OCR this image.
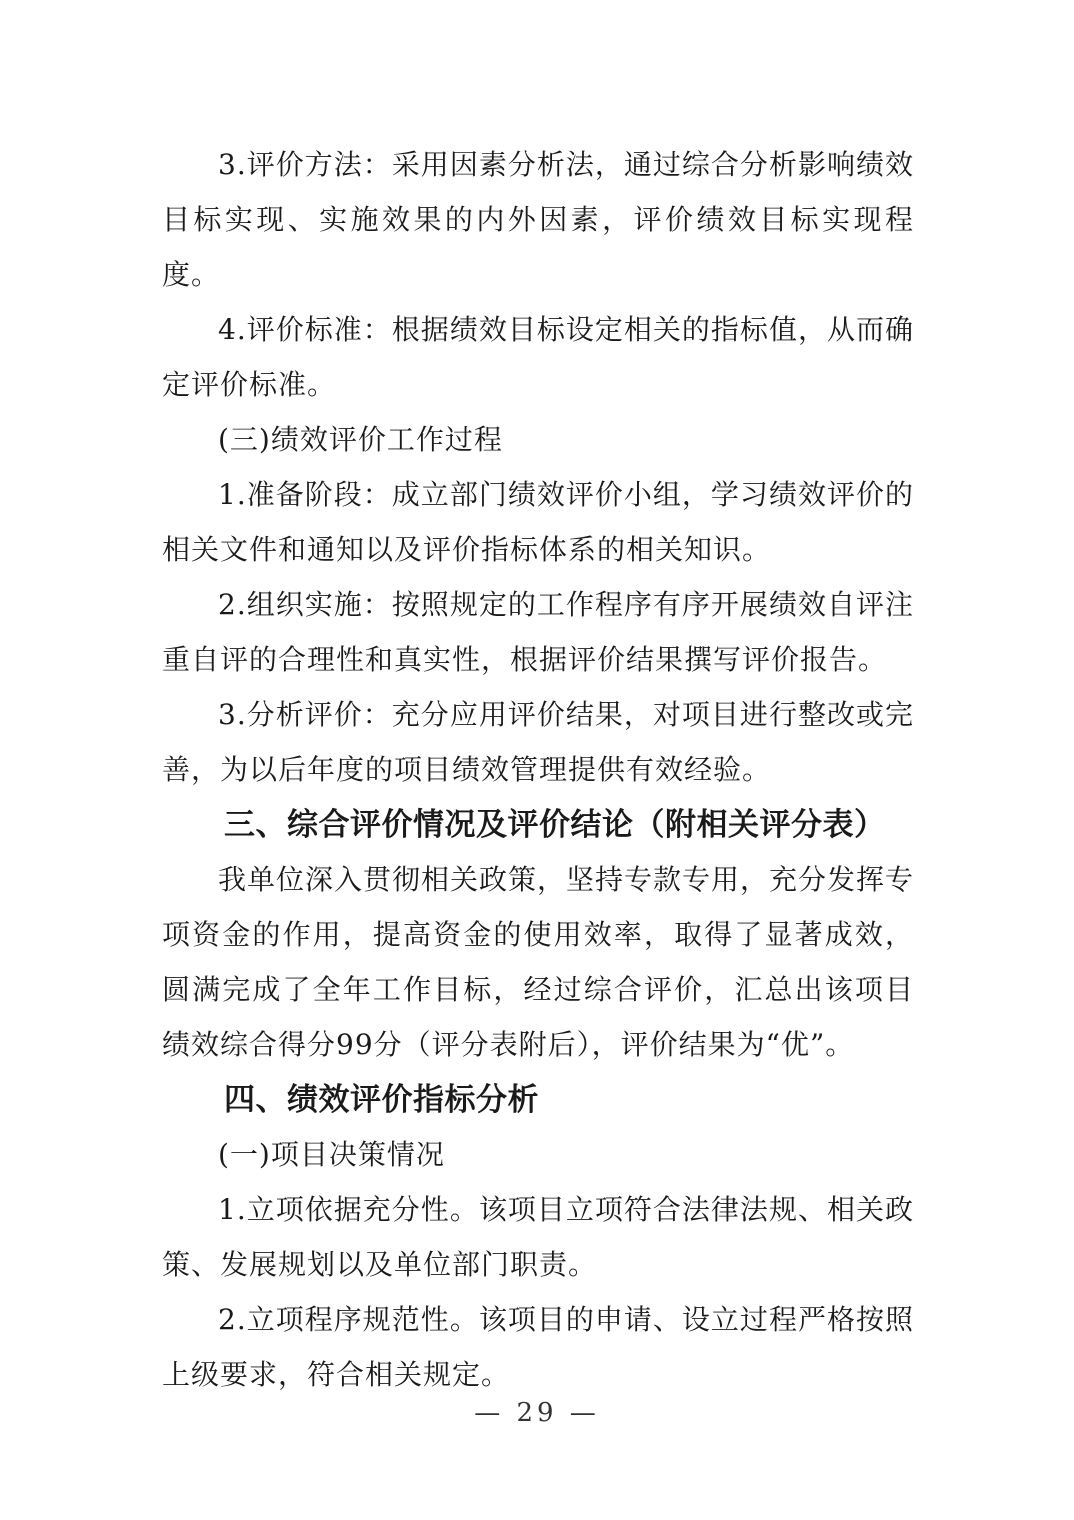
3.评价方法：采用因素分析法，通过综合分析影响绩效目标实现、实施效果的内外因素，评价绩效目标实现程度。

4.评价标准：根据绩效目标设定相关的指标值，从而确定评价标准。

(三)绩效评价工作过程

1.准备阶段：成立部门绩效评价小组，学习绩效评价的相关文件和通知以及评价指标体系的相关知识。

2.组织实施：按照规定的工作程序有序开展绩效自评注重自评的合理性和真实性，根据评价结果撰写评价报告。

3.分析评价：充分应用评价结果，对项目进行整改或完善，为以后年度的项目绩效管理提供有效经验。

三、综合评价情况及评价结论（附相关评分表）

我单位深入贯彻相关政策，坚持专款专用，充分发挥专项资金的作用，提高资金的使用效率，取得了显著成效，圆满完成了全年工作目标，经过综合评价，汇总出该项目绩效综合得分99分（评分表附后），评价结果为“优”。

四、绩效评价指标分析

(一)项目决策情况

1.立项依据充分性。该项目立项符合法律法规、相关政策、发展规划以及单位部门职责。

2.立项程序规范性。该项目的申请、设立过程严格按照上级要求，符合相关规定。

— 29 —
